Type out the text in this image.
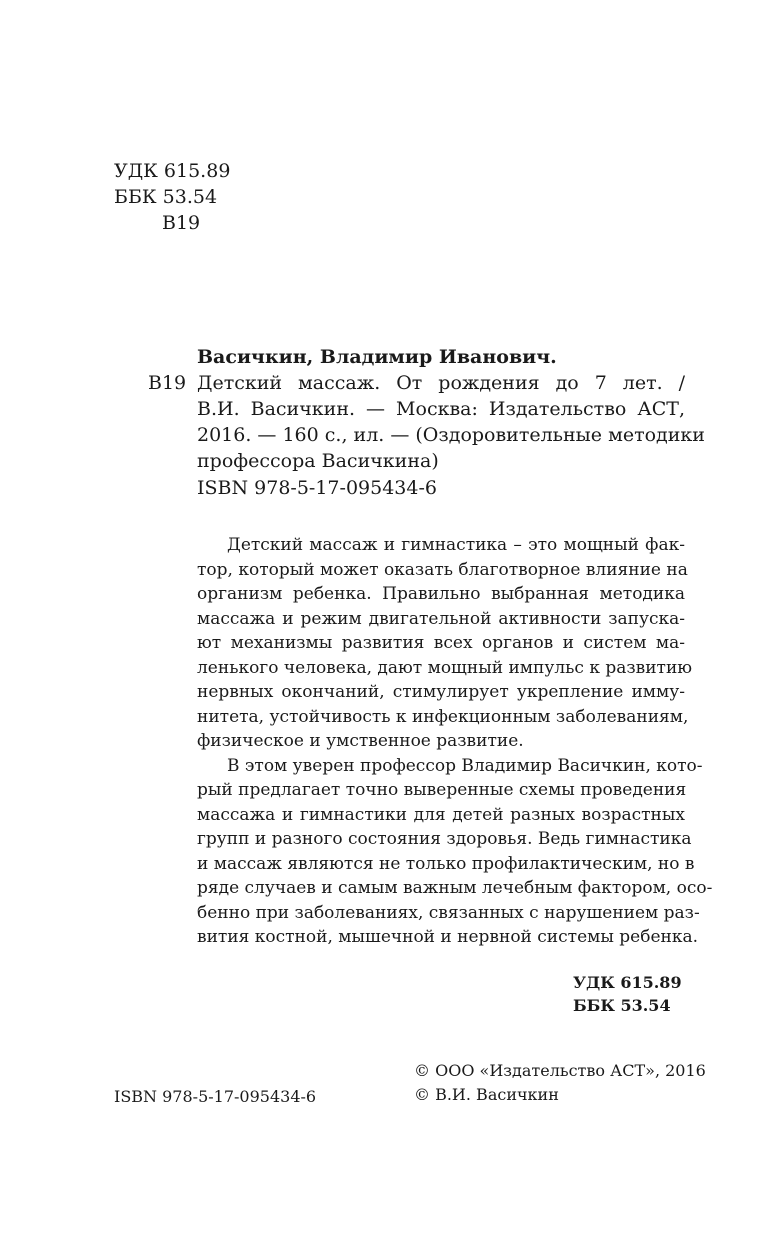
УДК 615.89
ББК 53.54
В19
Васичкин, Владимир Иванович.
В19 Детский массаж. От рождения до 7 лет. /
В.И. Васичкин. — Москва: Издательство АСТ,
2016. — 160 с., ил. — (Оздоровительные методики
профессора Васичкина)
ISBN 978-5-17-095434-6
Детский массаж и гимнастика – это мощный фак-
тор, который может оказать благотворное влияние на
организм ребенка. Правильно выбранная методика
массажа и режим двигательной активности запуска-
ют механизмы развития всех органов и систем ма-
ленького человека, дают мощный импульс к развитию
нервных окончаний, стимулирует укрепление имму-
нитета, устойчивость к инфекционным заболеваниям,
физическое и умственное развитие.
В этом уверен профессор Владимир Васичкин, кото-
рый предлагает точно выверенные схемы проведения
массажа и гимнастики для детей разных возрастных
групп и разного состояния здоровья. Ведь гимнастика
и массаж являются не только профилактическим, но в
ряде случаев и самым важным лечебным фактором, осо-
бенно при заболеваниях, связанных с нарушением раз-
вития костной, мышечной и нервной системы ребенка.
УДК 615.89
ББК 53.54
ISBN 978-5-17-095434-6
© ООО «Издательство АСТ», 2016
© В.И. Васичкин
